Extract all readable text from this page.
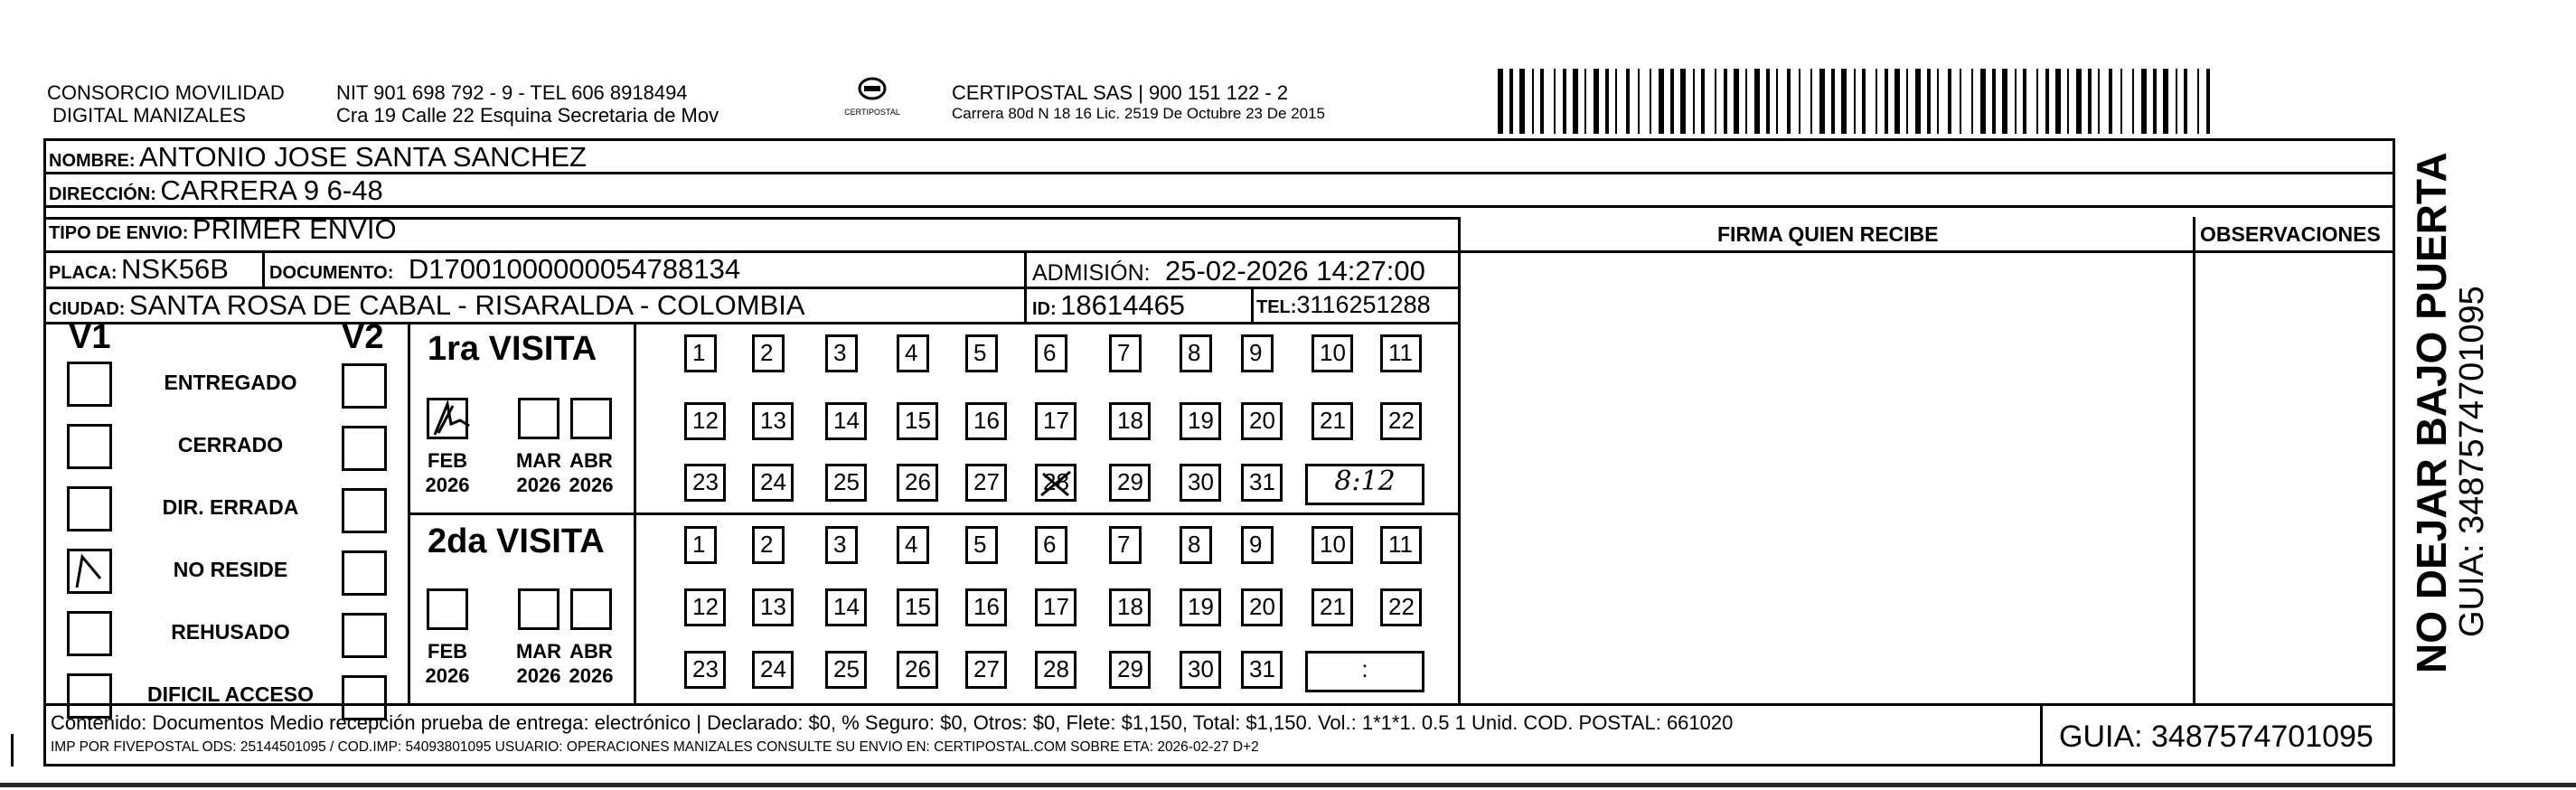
CONSORCIO MOVILIDAD
DIGITAL MANIZALES
NIT 901 698 792 - 9 - TEL 606 8918494
Cra 19 Calle 22 Esquina Secretaria de Mov	CERTIPOSTAL
CERTIPOSTAL SAS | 900 151 122 - 2
Carrera 80d N 18 16 Lic. 2519 De Octubre 23 De 2015
NOMBRE: ANTONIO JOSE SANTA SANCHEZ
DIRECCIÓN: CARRERA 9 6-48
TIPO DE ENVIO: PRIMER ENVIO	FIRMA QUIEN RECIBE	OBSERVACIONES
PLACA: NSK56B DOCUMENTO: D17001000000054788134	ADMISIÓN: 25-02-2026 14:27:00
CIUDAD: SANTA ROSA DE CABAL - RISARALDA - COLOMBIA	ID: 18614465	TEL:3116251288
V1	V2
ENTREGADO
CERRADO
DIR. ERRADA
NO RESIDE
REHUSADO
DIFICIL ACCESO
1ra VISITA
FEB
2026
MAR
2026
ABR
2026
1	2	3	4	5	6	7	8	9	10	11
12	13	14	15	16	17	18	19	20	21	22
23	24	25	26	27	28	29	30	31	8:12
2da VISITA
FEB
2026
MAR
2026
ABR
2026
1	2	3	4	5	6	7	8	9	10	11
12	13	14	15	16	17	18	19	20	21	22
23	24	25	26	27	28	29	30	31	:
Contenido: Documentos Medio recepción prueba de entrega: electrónico | Declarado: $0, % Seguro: $0, Otros: $0, Flete: $1,150, Total: $1,150. Vol.: 1*1*1. 0.5 1 Unid. COD. POSTAL: 661020
IMP POR FIVEPOSTAL ODS: 25144501095 / COD.IMP: 54093801095 USUARIO: OPERACIONES MANIZALES CONSULTE SU ENVIO EN: CERTIPOSTAL.COM SOBRE ETA: 2026-02-27 D+2	GUIA: 3487574701095
NO DEJAR BAJO PUERTA
GUIA: 3487574701095
